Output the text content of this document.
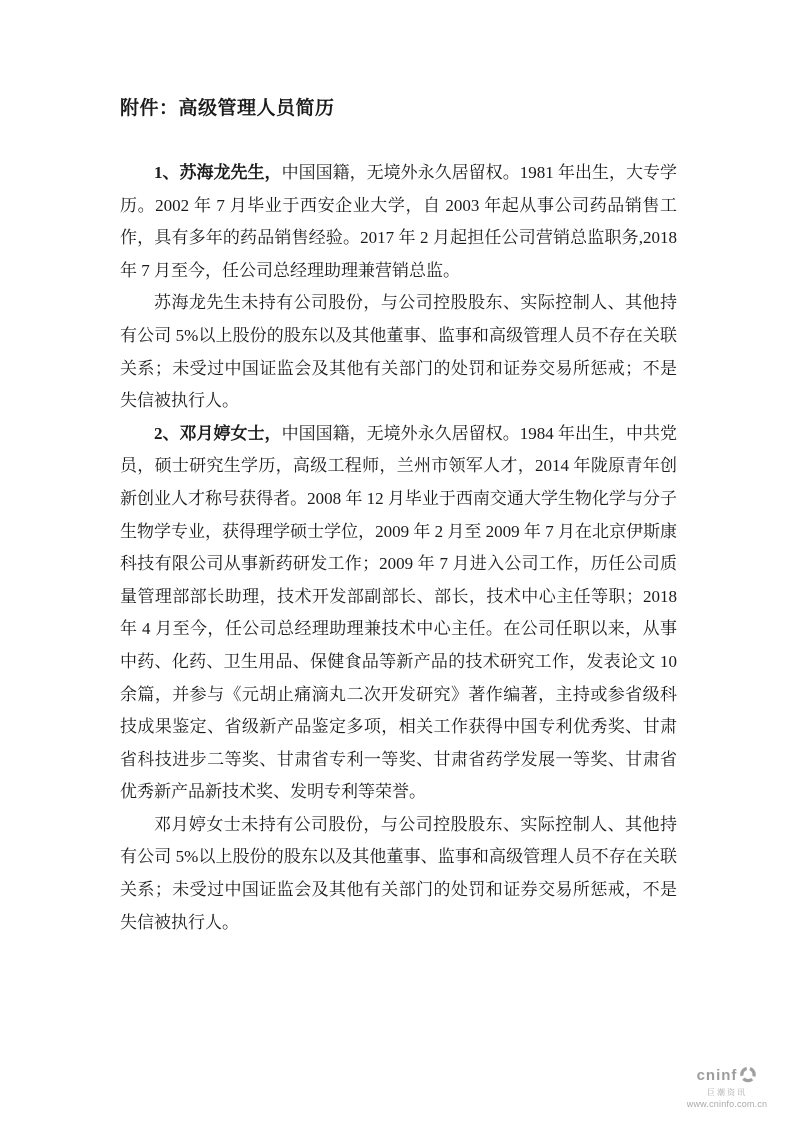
附件：高级管理人员简历

1、苏海龙先生，中国国籍，无境外永久居留权。1981 年出生，大专学历。2002 年 7 月毕业于西安企业大学，自 2003 年起从事公司药品销售工作，具有多年的药品销售经验。2017 年 2 月起担任公司营销总监职务,2018 年 7 月至今，任公司总经理助理兼营销总监。

苏海龙先生未持有公司股份，与公司控股股东、实际控制人、其他持有公司 5%以上股份的股东以及其他董事、监事和高级管理人员不存在关联关系；未受过中国证监会及其他有关部门的处罚和证券交易所惩戒；不是失信被执行人。

2、邓月婷女士，中国国籍，无境外永久居留权。1984 年出生，中共党员，硕士研究生学历，高级工程师，兰州市领军人才，2014 年陇原青年创新创业人才称号获得者。2008 年 12 月毕业于西南交通大学生物化学与分子生物学专业，获得理学硕士学位，2009 年 2 月至 2009 年 7 月在北京伊斯康科技有限公司从事新药研发工作；2009 年 7 月进入公司工作，历任公司质量管理部部长助理，技术开发部副部长、部长，技术中心主任等职；2018 年 4 月至今，任公司总经理助理兼技术中心主任。在公司任职以来，从事中药、化药、卫生用品、保健食品等新产品的技术研究工作，发表论文 10 余篇，并参与《元胡止痛滴丸二次开发研究》著作编著，主持或参省级科技成果鉴定、省级新产品鉴定多项，相关工作获得中国专利优秀奖、甘肃省科技进步二等奖、甘肃省专利一等奖、甘肃省药学发展一等奖、甘肃省优秀新产品新技术奖、发明专利等荣誉。

邓月婷女士未持有公司股份，与公司控股股东、实际控制人、其他持有公司 5%以上股份的股东以及其他董事、监事和高级管理人员不存在关联关系；未受过中国证监会及其他有关部门的处罚和证券交易所惩戒，不是失信被执行人。

cninf
巨潮资讯
www.cninfo.com.cn
